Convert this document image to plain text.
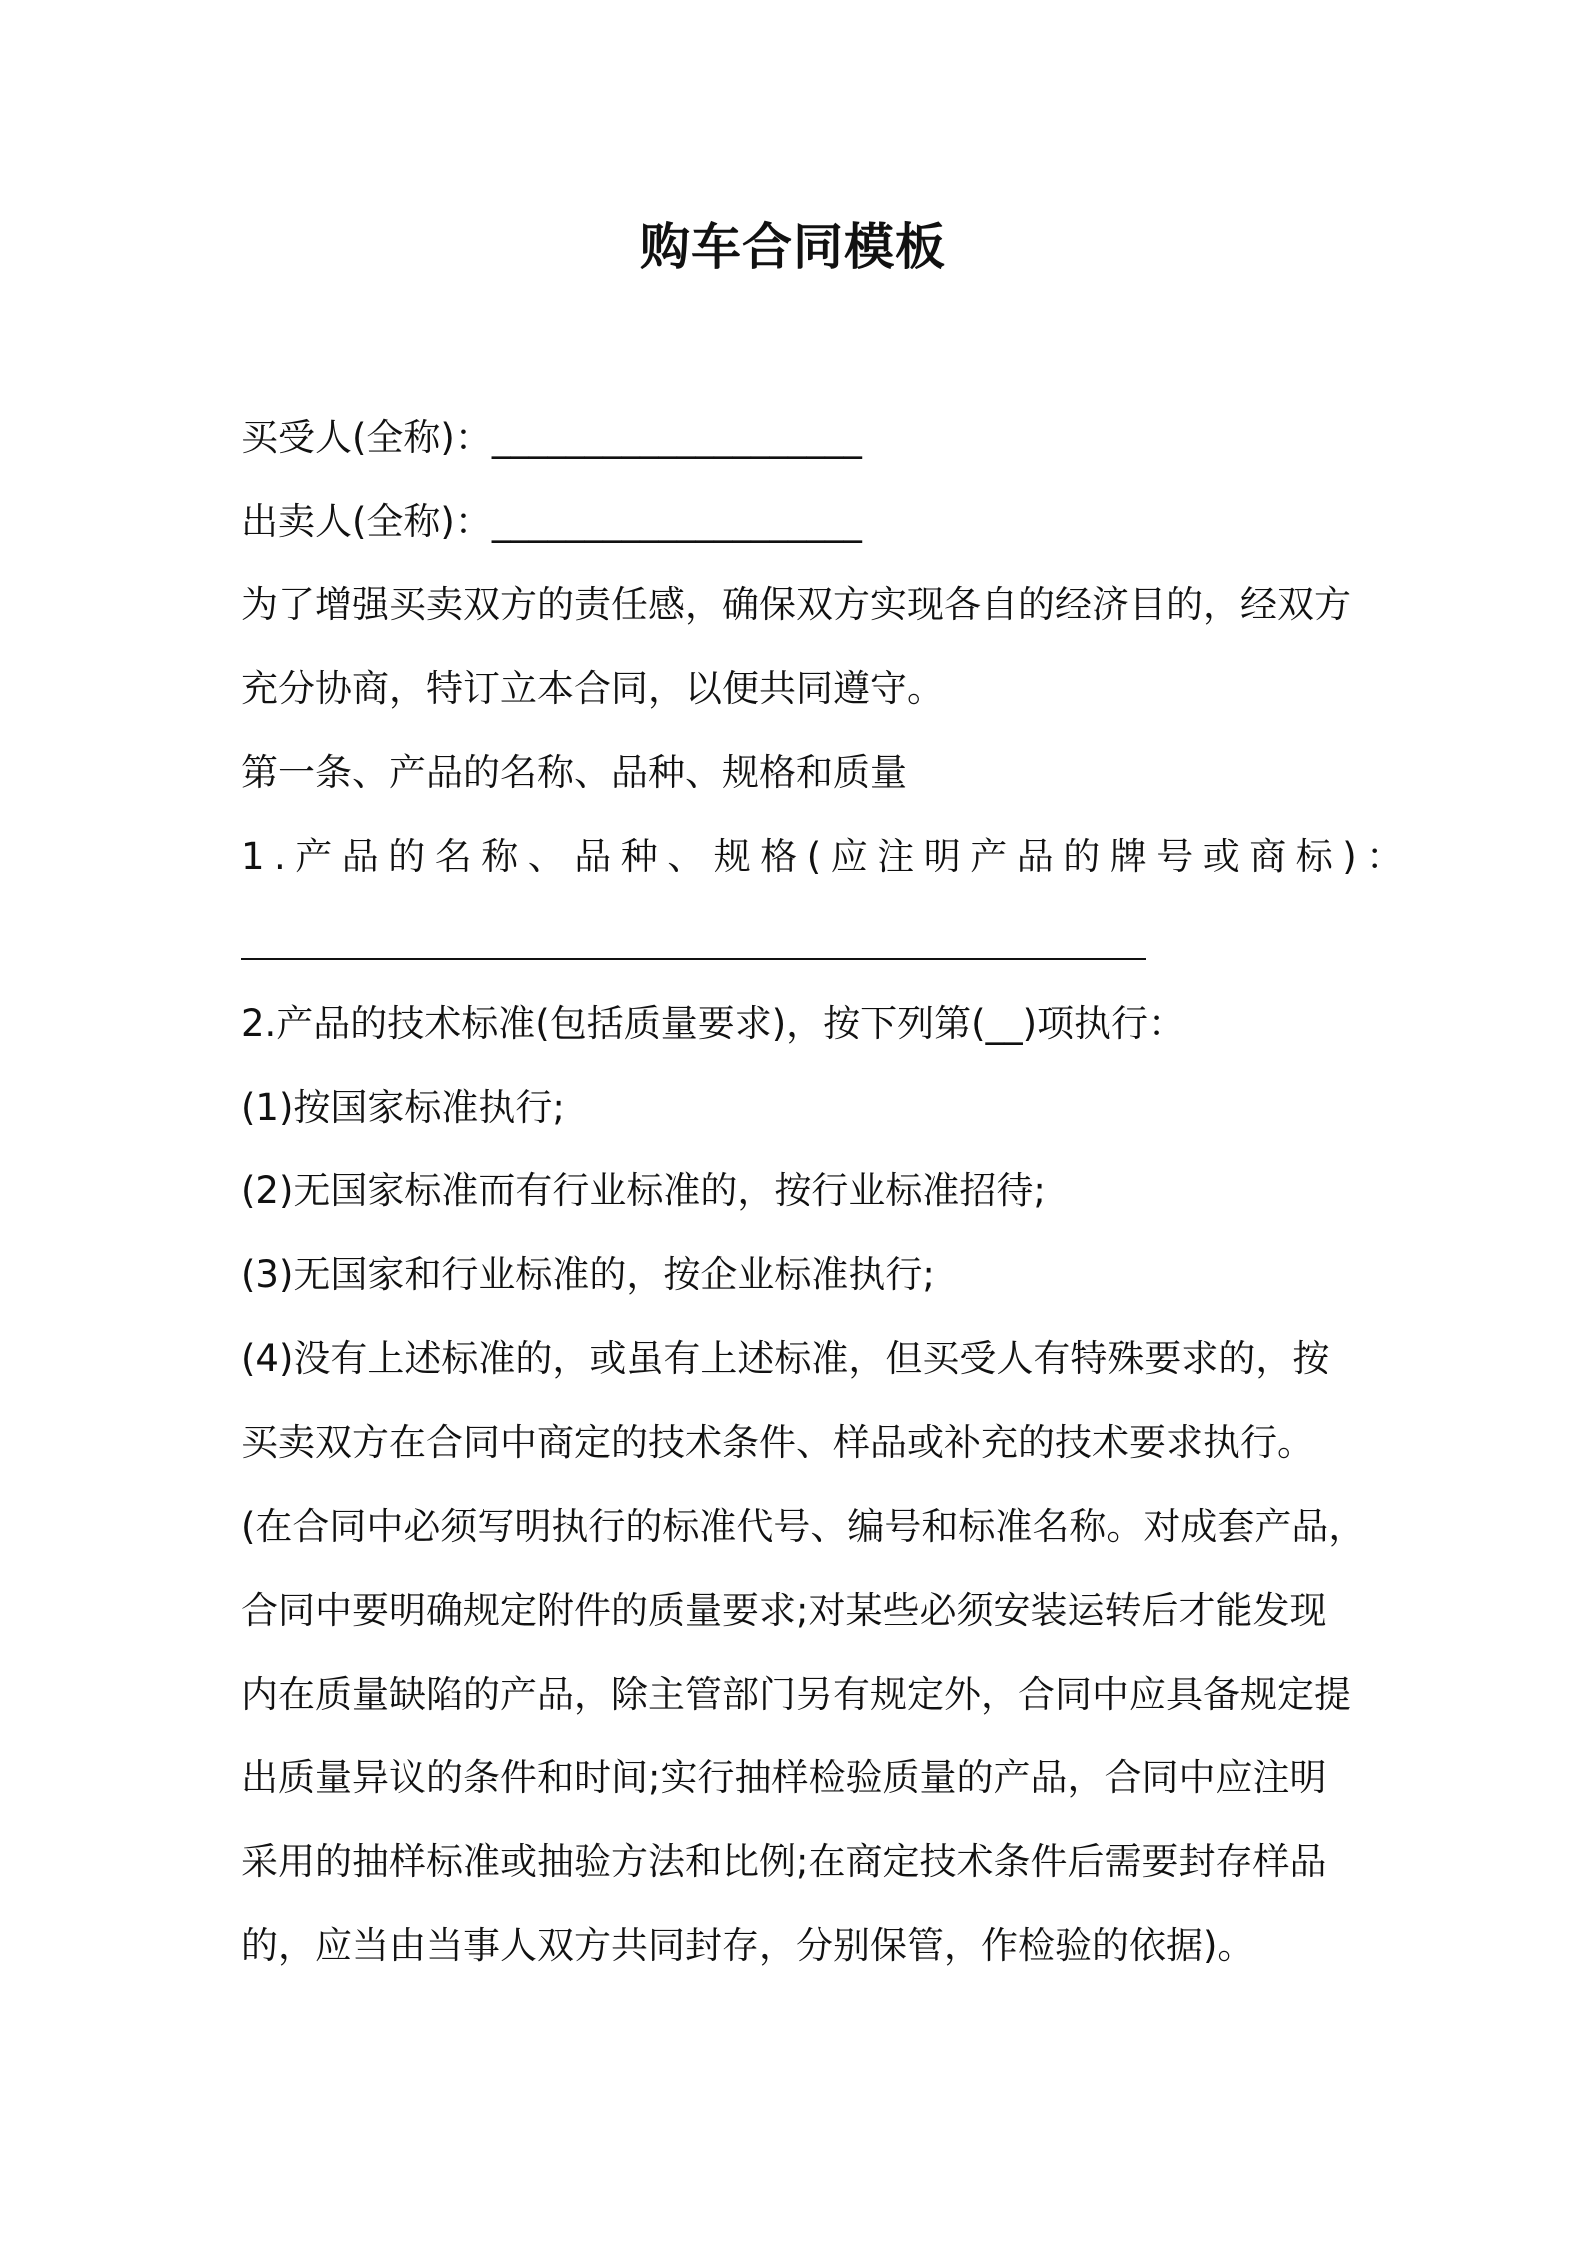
购车合同模板
买受人(全称)：____________________
出卖人(全称)：____________________
为了增强买卖双方的责任感，确保双方实现各自的经济目的，经双方
充分协商，特订立本合同，以便共同遵守。
第一条、产品的名称、品种、规格和质量
1.产品的名称、品种、规格(应注明产品的牌号或商标)：
2.产品的技术标准(包括质量要求)，按下列第(__)项执行：
(1)按国家标准执行;
(2)无国家标准而有行业标准的，按行业标准招待;
(3)无国家和行业标准的，按企业标准执行;
(4)没有上述标准的，或虽有上述标准，但买受人有特殊要求的，按
买卖双方在合同中商定的技术条件、样品或补充的技术要求执行。
(在合同中必须写明执行的标准代号、编号和标准名称。对成套产品，
合同中要明确规定附件的质量要求;对某些必须安装运转后才能发现
内在质量缺陷的产品，除主管部门另有规定外，合同中应具备规定提
出质量异议的条件和时间;实行抽样检验质量的产品，合同中应注明
采用的抽样标准或抽验方法和比例;在商定技术条件后需要封存样品
的，应当由当事人双方共同封存，分别保管，作检验的依据)。
